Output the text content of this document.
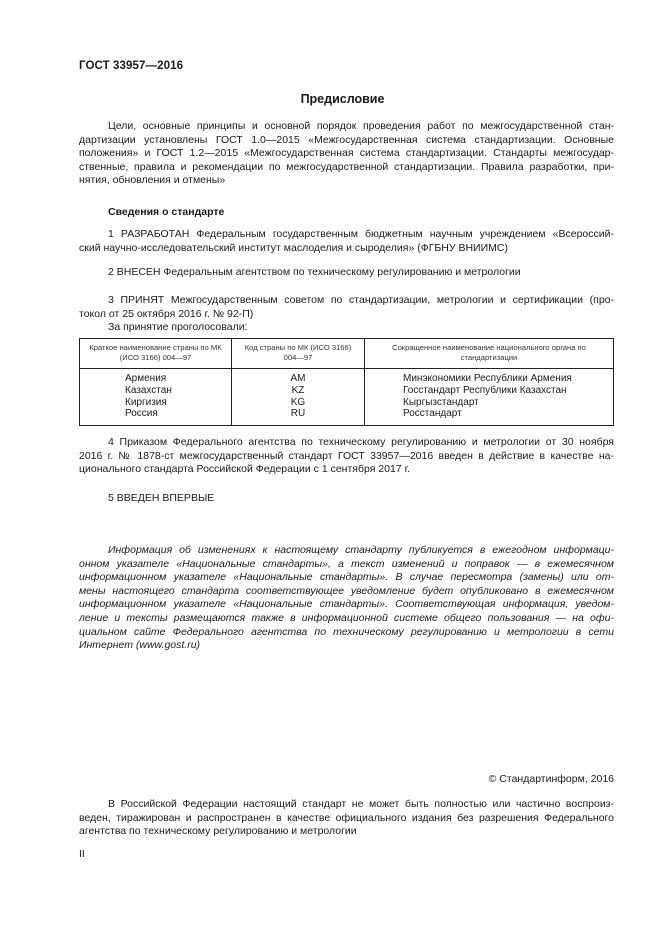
ГОСТ 33957—2016
Предисловие
Цели, основные принципы и основной порядок проведения работ по межгосударственной стан-
дартизации установлены ГОСТ 1.0—2015 «Межгосударственная система стандартизации. Основные
положения» и ГОСТ 1.2—2015 «Межгосударственная система стандартизации. Стандарты межгосудар-
ственные, правила и рекомендации по межгосударственной стандартизации. Правила разработки, при-
нятия, обновления и отмены»
Сведения о стандарте
1 РАЗРАБОТАН Федеральным государственным бюджетным научным учреждением «Всероссий-
ский научно-исследовательский институт маслоделия и сыроделия» (ФГБНУ ВНИИМС)
2 ВНЕСЕН Федеральным агентством по техническому регулированию и метрологии
3 ПРИНЯТ Межгосударственным советом по стандартизации, метрологии и сертификации (про-
токол от 25 октября 2016 г. № 92-П)
За принятие проголосовали:
Краткое наименование страны по МК (ИСО 3166) 004—97	Код страны по МК (ИСО 3166) 004—97	Сокращенное наименование национального органа по стандартизации
Армения	AM	Минэкономики Республики Армения
Казахстан	KZ	Госстандарт Республики Казахстан
Киргизия	KG	Кыргызстандарт
Россия	RU	Росстандарт
4 Приказом Федерального агентства по техническому регулированию и метрологии от 30 ноября
2016 г. № 1878-ст межгосударственный стандарт ГОСТ 33957—2016 введен в действие в качестве на-
ционального стандарта Российской Федерации с 1 сентября 2017 г.
5 ВВЕДЕН ВПЕРВЫЕ
Информация об изменениях к настоящему стандарту публикуется в ежегодном информаци-
онном указателе «Национальные стандарты», а текст изменений и поправок — в ежемесячном
информационном указателе «Национальные стандарты». В случае пересмотра (замены) или от-
мены настоящего стандарта соответствующее уведомление будет опубликовано в ежемесячном
информационном указателе «Национальные стандарты». Соответствующая информация, уведом-
ление и тексты размещаются также в информационной системе общего пользования — на офи-
циальном сайте Федерального агентства по техническому регулированию и метрологии в сети
Интернет (www.gost.ru)
© Стандартинформ, 2016
В Российской Федерации настоящий стандарт не может быть полностью или частично воспроиз-
веден, тиражирован и распространен в качестве официального издания без разрешения Федерального
агентства по техническому регулированию и метрологии
II
